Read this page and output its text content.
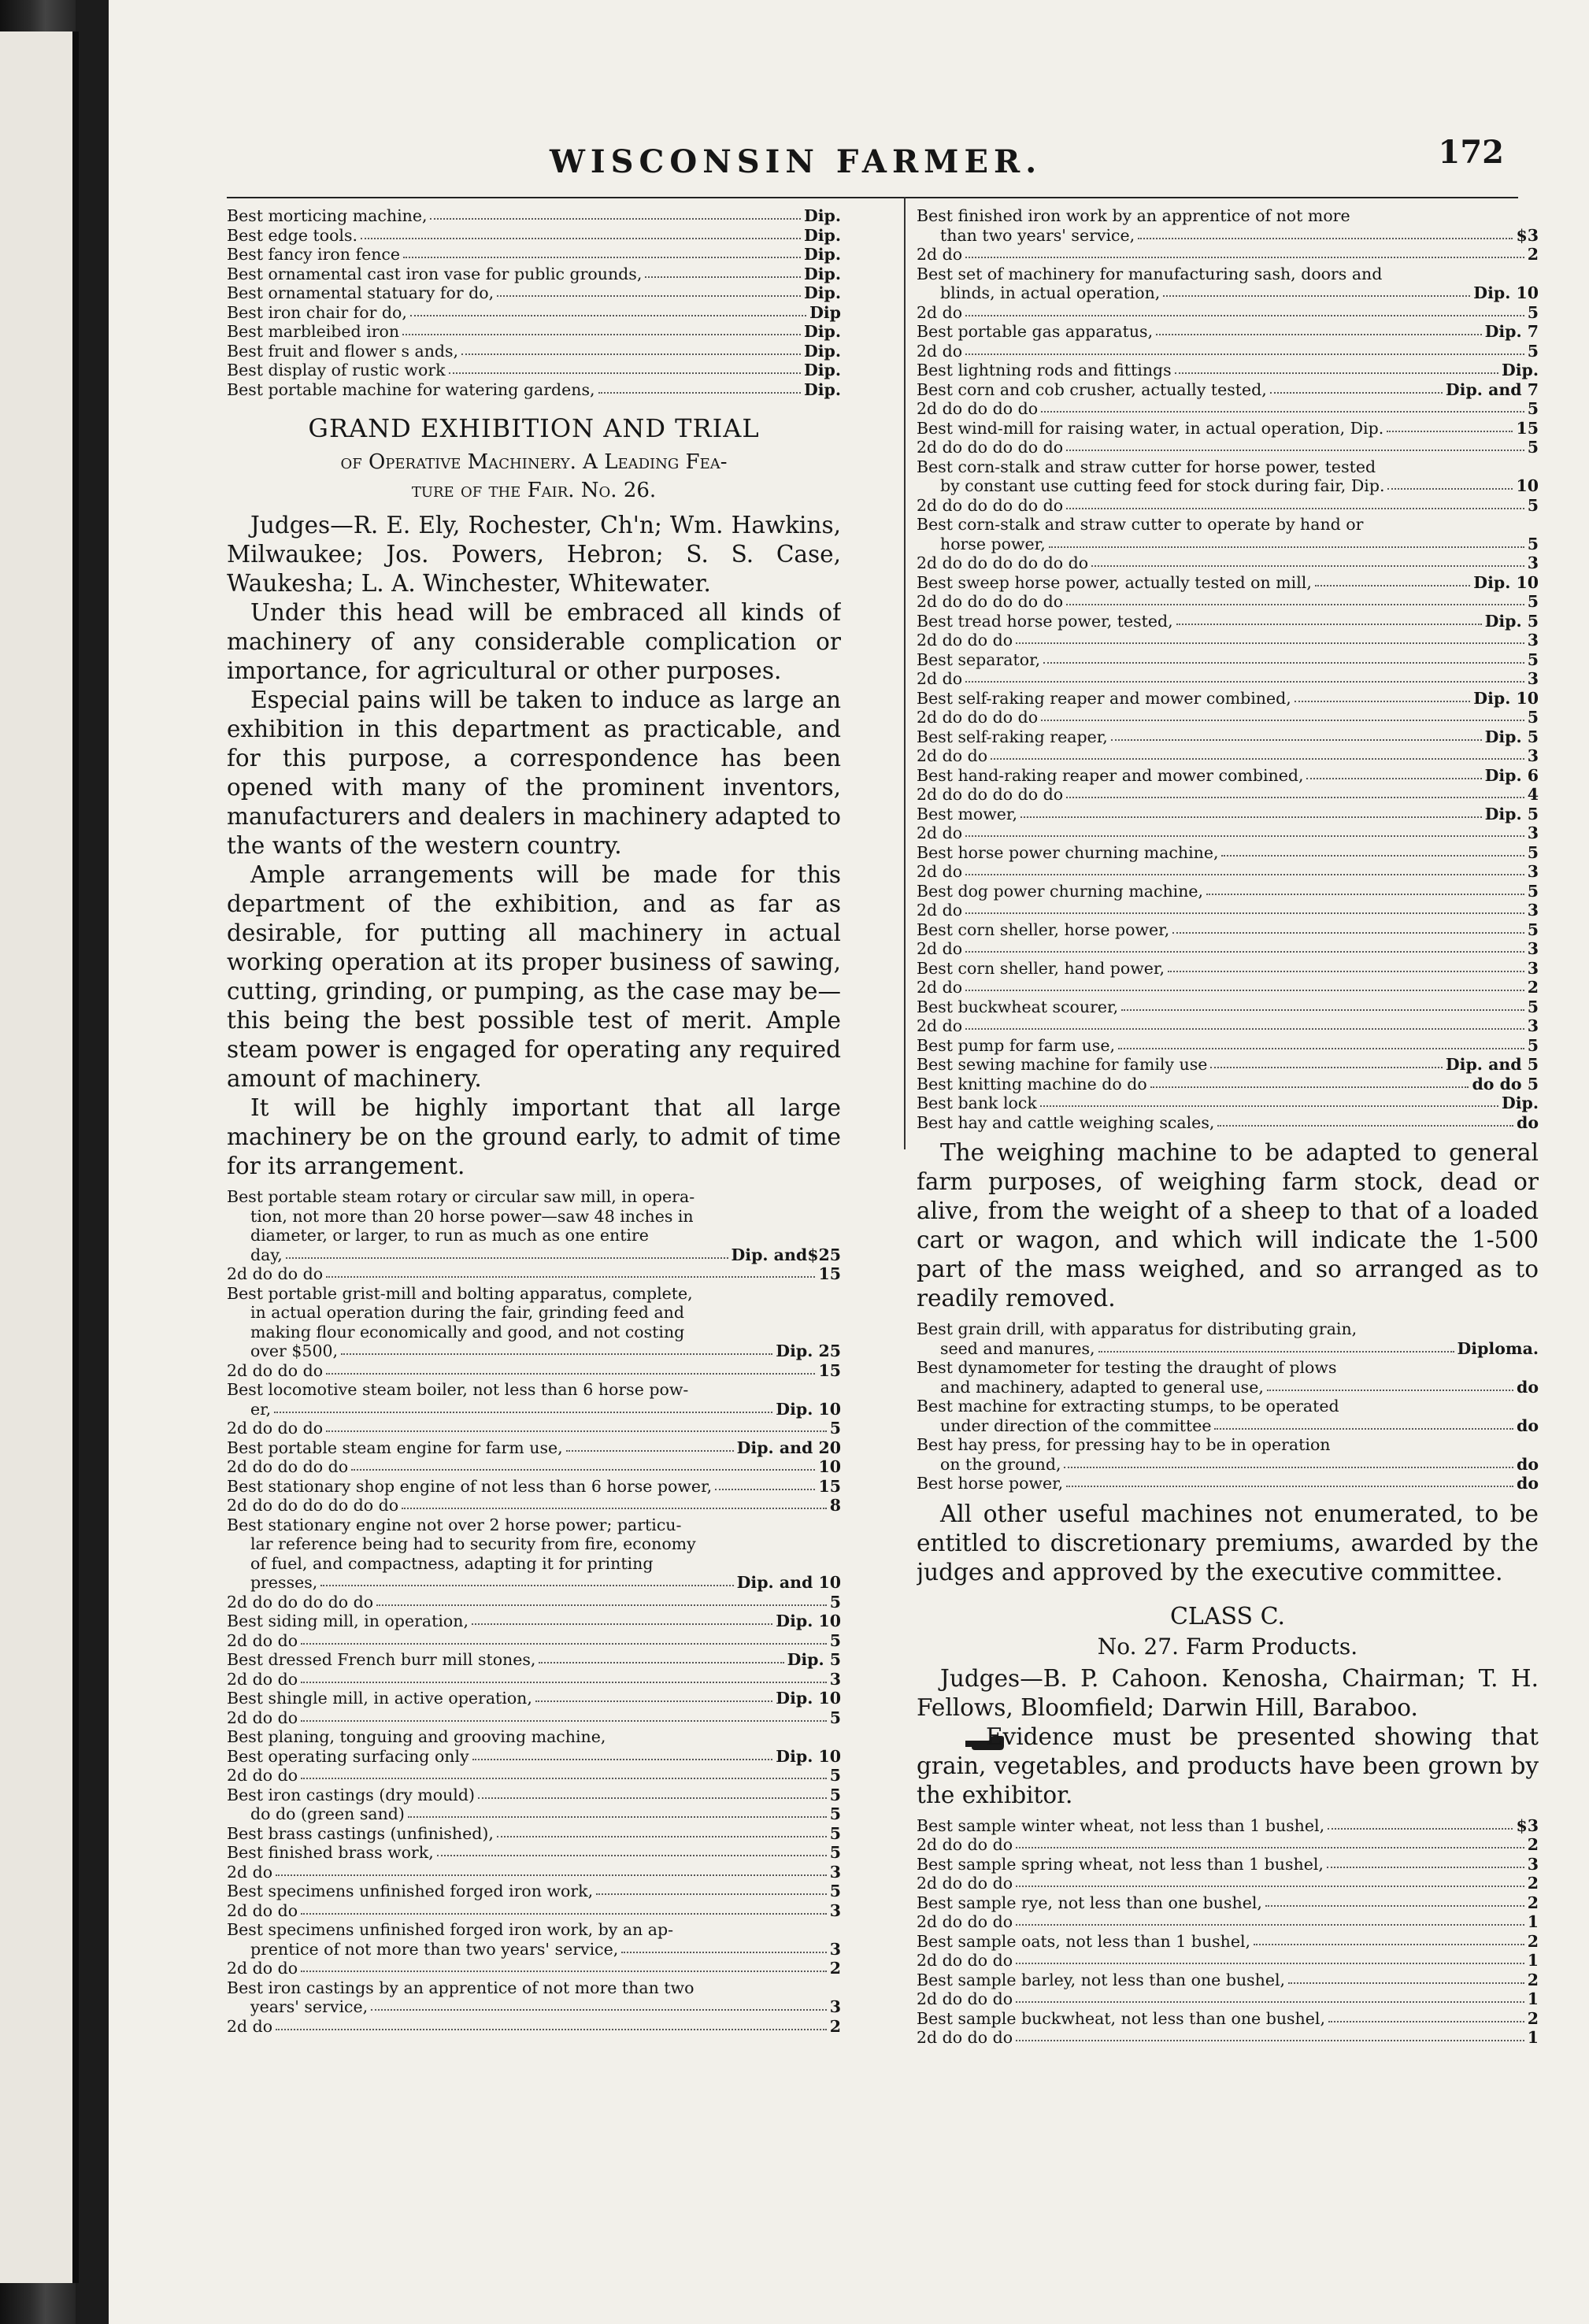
WISCONSIN FARMER.	172
Best morticing machine,	Dip.
Best edge tools.	Dip.
Best fancy iron fence	Dip.
Best ornamental cast iron vase for public grounds,	Dip.
Best ornamental statuary for do,	Dip.
Best iron chair for do,	Dip
Best marbleibed iron	Dip.
Best fruit and flower s ands,	Dip.
Best display of rustic work	Dip.
Best portable machine for watering gardens,	Dip.
GRAND EXHIBITION AND TRIAL
of Operative Machinery. A Leading Fea-
ture of the Fair. No. 26.

Judges—R. E. Ely, Rochester, Ch'n; Wm. Hawkins, Milwaukee; Jos. Powers, Hebron; S. S. Case, Waukesha; L. A. Winchester, Whitewater.

Under this head will be embraced all kinds of machinery of any considerable complication or importance, for agricultural or other purposes.

Especial pains will be taken to induce as large an exhibition in this department as practicable, and for this purpose, a correspondence has been opened with many of the prominent inventors, manufacturers and dealers in machinery adapted to the wants of the western country.

Ample arrangements will be made for this department of the exhibition, and as far as desirable, for putting all machinery in actual working operation at its proper business of sawing, cutting, grinding, or pumping, as the case may be—this being the best possible test of merit. Ample steam power is engaged for operating any required amount of machinery.

It will be highly important that all large machinery be on the ground early, to admit of time for its arrangement.

Best portable steam rotary or circular saw mill, in opera-
tion, not more than 20 horse power—saw 48 inches in
diameter, or larger, to run as much as one entire
day,	Dip. and$25
2d do do do	15
Best portable grist-mill and bolting apparatus, complete,
in actual operation during the fair, grinding feed and
making flour economically and good, and not costing
over $500,	Dip. 25
2d do do do	15
Best locomotive steam boiler, not less than 6 horse pow-
er,	Dip. 10
2d do do do	5
Best portable steam engine for farm use,	Dip. and 20
2d do do do do	10
Best stationary shop engine of not less than 6 horse power,	15
2d do do do do do do	8
Best stationary engine not over 2 horse power; particu-
lar reference being had to security from fire, economy
of fuel, and compactness, adapting it for printing
presses,	Dip. and 10
2d do do do do do	5
Best siding mill, in operation,	Dip. 10
2d do do	5
Best dressed French burr mill stones,	Dip. 5
2d do do	3
Best shingle mill, in active operation,	Dip. 10
2d do do	5
Best planing, tonguing and grooving machine,
Best operating surfacing only	Dip. 10
2d do do	5
Best iron castings (dry mould)	5
do do (green sand)	5
Best brass castings (unfinished),	5
Best finished brass work,	5
2d do	3
Best specimens unfinished forged iron work,	5
2d do do	3
Best specimens unfinished forged iron work, by an ap-
prentice of not more than two years' service,	3
2d do do	2
Best iron castings by an apprentice of not more than two
years' service,	3
2d do	2
Best finished iron work by an apprentice of not more
than two years' service,	$3
2d do	2
Best set of machinery for manufacturing sash, doors and
blinds, in actual operation,	Dip. 10
2d do	5
Best portable gas apparatus,	Dip. 7
2d do	5
Best lightning rods and fittings	Dip.
Best corn and cob crusher, actually tested,	Dip. and 7
2d do do do do	5
Best wind-mill for raising water, in actual operation, Dip.	15
2d do do do do do	5
Best corn-stalk and straw cutter for horse power, tested
by constant use cutting feed for stock during fair, Dip.	10
2d do do do do do	5
Best corn-stalk and straw cutter to operate by hand or
horse power,	5
2d do do do do do do	3
Best sweep horse power, actually tested on mill,	Dip. 10
2d do do do do do	5
Best tread horse power, tested,	Dip. 5
2d do do do	3
Best separator,	5
2d do	3
Best self-raking reaper and mower combined,	Dip. 10
2d do do do do	5
Best self-raking reaper,	Dip. 5
2d do do	3
Best hand-raking reaper and mower combined,	Dip. 6
2d do do do do do	4
Best mower,	Dip. 5
2d do	3
Best horse power churning machine,	5
2d do	3
Best dog power churning machine,	5
2d do	3
Best corn sheller, horse power,	5
2d do	3
Best corn sheller, hand power,	3
2d do	2
Best buckwheat scourer,	5
2d do	3
Best pump for farm use,	5
Best sewing machine for family use	Dip. and 5
Best knitting machine do do	do do 5
Best bank lock	Dip.
Best hay and cattle weighing scales,	do

The weighing machine to be adapted to general farm purposes, of weighing farm stock, dead or alive, from the weight of a sheep to that of a loaded cart or wagon, and which will indicate the 1-500 part of the mass weighed, and so arranged as to readily removed.

Best grain drill, with apparatus for distributing grain,
seed and manures,	Diploma.
Best dynamometer for testing the draught of plows
and machinery, adapted to general use,	do
Best machine for extracting stumps, to be operated
under direction of the committee	do
Best hay press, for pressing hay to be in operation
on the ground,	do
Best horse power,	do

All other useful machines not enumerated, to be entitled to discretionary premiums, awarded by the judges and approved by the executive committee.

CLASS C.
No. 27. Farm Products.

Judges—B. P. Cahoon. Kenosha, Chairman; T. H. Fellows, Bloomfield; Darwin Hill, Baraboo.

Evidence must be presented showing that grain, vegetables, and products have been grown by the exhibitor.

Best sample winter wheat, not less than 1 bushel,	$3
2d do do do	2
Best sample spring wheat, not less than 1 bushel,	3
2d do do do	2
Best sample rye, not less than one bushel,	2
2d do do do	1
Best sample oats, not less than 1 bushel,	2
2d do do do	1
Best sample barley, not less than one bushel,	2
2d do do do	1
Best sample buckwheat, not less than one bushel,	2
2d do do do	1
